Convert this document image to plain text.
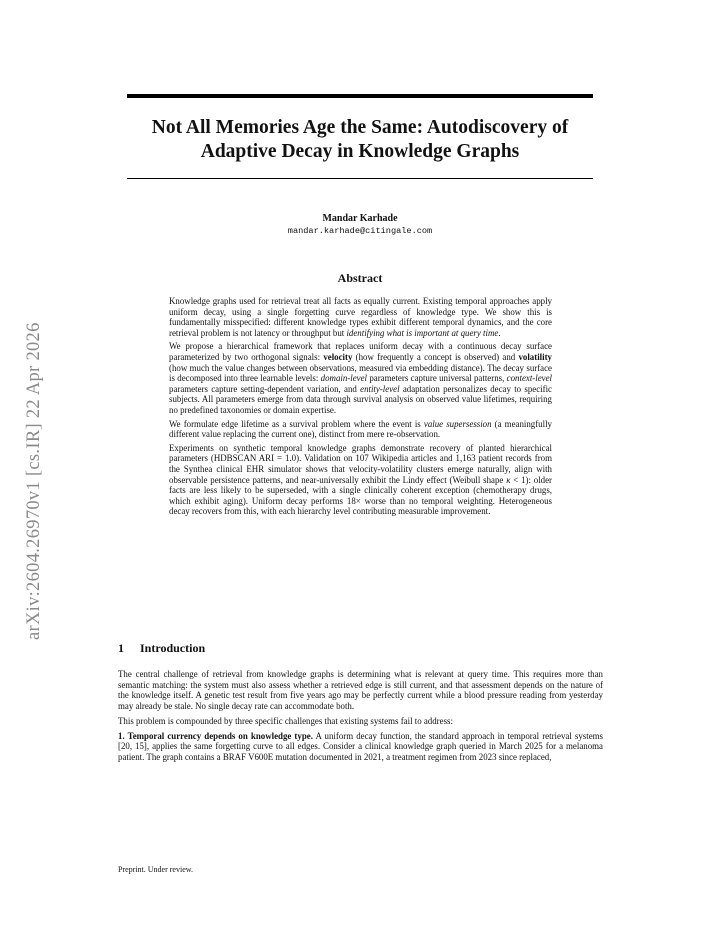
arXiv:2604.26970v1 [cs.IR] 22 Apr 2026
Not All Memories Age the Same: Autodiscovery of
Adaptive Decay in Knowledge Graphs
Mandar Karhade
mandar.karhade@citingale.com
Abstract

Knowledge graphs used for retrieval treat all facts as equally current. Existing temporal approaches apply uniform decay, using a single forgetting curve regardless of knowledge type. We show this is fundamentally misspecified: different knowledge types exhibit different temporal dynamics, and the core retrieval problem is not latency or throughput but identifying what is important at query time.

We propose a hierarchical framework that replaces uniform decay with a continuous decay surface parameterized by two orthogonal signals: velocity (how frequently a concept is observed) and volatility (how much the value changes between observations, measured via embedding distance). The decay surface is decomposed into three learnable levels: domain-level parameters capture universal patterns, context-level parameters capture setting-dependent variation, and entity-level adaptation personalizes decay to specific subjects. All parameters emerge from data through survival analysis on observed value lifetimes, requiring no predefined taxonomies or domain expertise.

We formulate edge lifetime as a survival problem where the event is value supersession (a meaningfully different value replacing the current one), distinct from mere re-observation.

Experiments on synthetic temporal knowledge graphs demonstrate recovery of planted hierarchical parameters (HDBSCAN ARI = 1.0). Validation on 107 Wikipedia articles and 1,163 patient records from the Synthea clinical EHR simulator shows that velocity-volatility clusters emerge naturally, align with observable persistence patterns, and near-universally exhibit the Lindy effect (Weibull shape κ < 1): older facts are less likely to be superseded, with a single clinically coherent exception (chemotherapy drugs, which exhibit aging). Uniform decay performs 18× worse than no temporal weighting. Heterogeneous decay recovers from this, with each hierarchy level contributing measurable improvement.

1 Introduction

The central challenge of retrieval from knowledge graphs is determining what is relevant at query time. This requires more than semantic matching: the system must also assess whether a retrieved edge is still current, and that assessment depends on the nature of the knowledge itself. A genetic test result from five years ago may be perfectly current while a blood pressure reading from yesterday may already be stale. No single decay rate can accommodate both.

This problem is compounded by three specific challenges that existing systems fail to address:

1. Temporal currency depends on knowledge type. A uniform decay function, the standard approach in temporal retrieval systems [20, 15], applies the same forgetting curve to all edges. Consider a clinical knowledge graph queried in March 2025 for a melanoma patient. The graph contains a BRAF V600E mutation documented in 2021, a treatment regimen from 2023 since replaced,

Preprint. Under review.
